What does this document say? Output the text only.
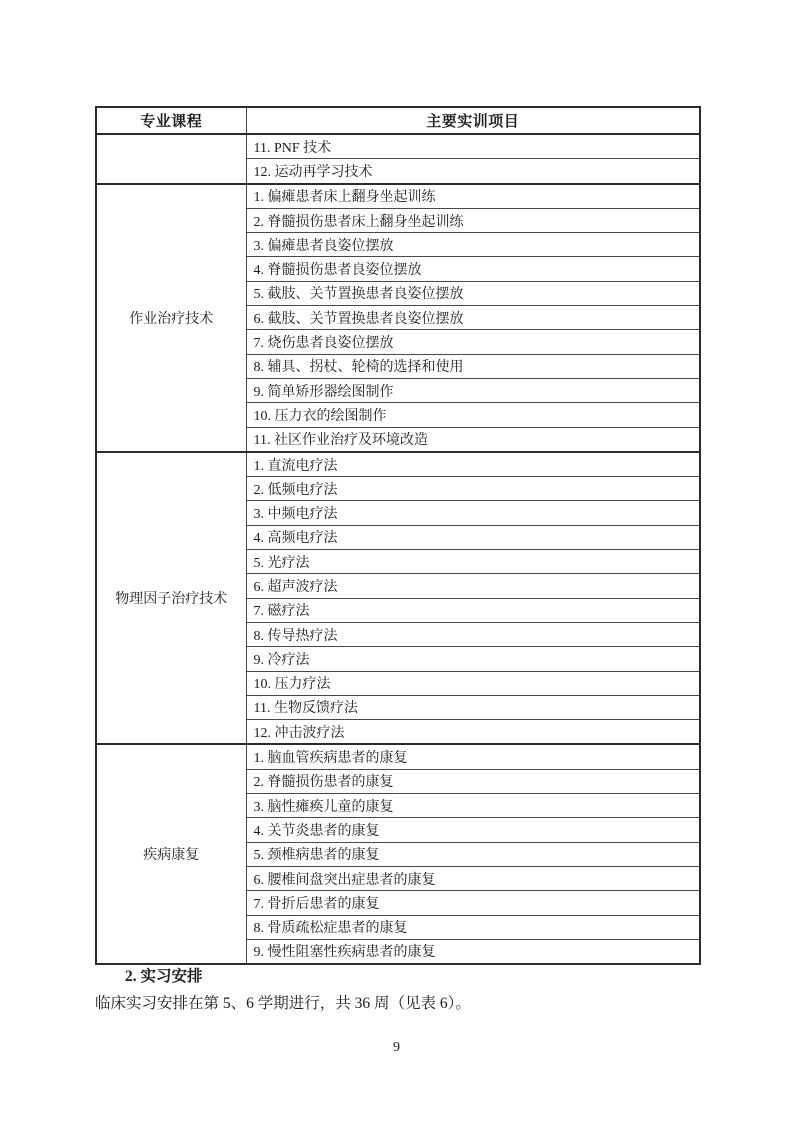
专业课程	主要实训项目
	11. PNF 技术
	12. 运动再学习技术
作业治疗技术	1. 偏瘫患者床上翻身坐起训练
	2. 脊髓损伤患者床上翻身坐起训练
	3. 偏瘫患者良姿位摆放
	4. 脊髓损伤患者良姿位摆放
	5. 截肢、关节置换患者良姿位摆放
	6. 截肢、关节置换患者良姿位摆放
	7. 烧伤患者良姿位摆放
	8. 辅具、拐杖、轮椅的选择和使用
	9. 简单矫形器绘图制作
	10. 压力衣的绘图制作
	11. 社区作业治疗及环境改造
物理因子治疗技术	1. 直流电疗法
	2. 低频电疗法
	3. 中频电疗法
	4. 高频电疗法
	5. 光疗法
	6. 超声波疗法
	7. 磁疗法
	8. 传导热疗法
	9. 冷疗法
	10. 压力疗法
	11. 生物反馈疗法
	12. 冲击波疗法
疾病康复	1. 脑血管疾病患者的康复
	2. 脊髓损伤患者的康复
	3. 脑性瘫痪儿童的康复
	4. 关节炎患者的康复
	5. 颈椎病患者的康复
	6. 腰椎间盘突出症患者的康复
	7. 骨折后患者的康复
	8. 骨质疏松症患者的康复
	9. 慢性阻塞性疾病患者的康复
2. 实习安排
临床实习安排在第 5、6 学期进行，共 36 周（见表 6）。
9
